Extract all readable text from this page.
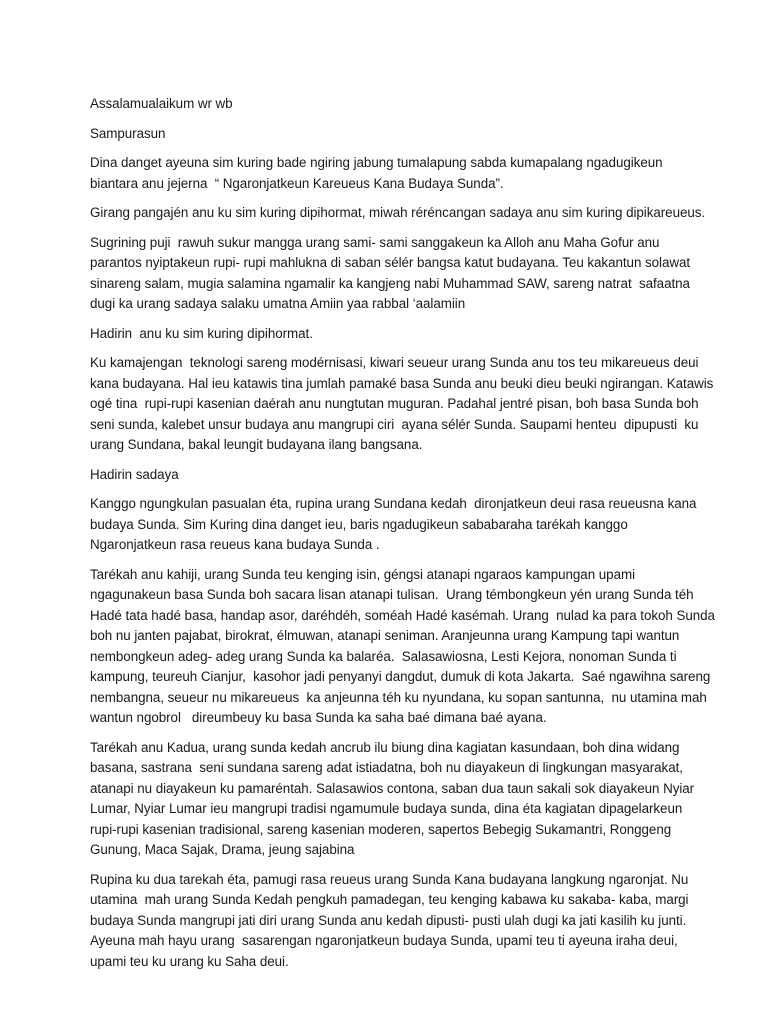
Assalamualaikum wr wb

Sampurasun

Dina danget ayeuna sim kuring bade ngiring jabung tumalapung sabda kumapalang ngadugikeun
biantara anu jejerna  “ Ngaronjatkeun Kareueus Kana Budaya Sunda”.

Girang pangajén anu ku sim kuring dipihormat, miwah réréncangan sadaya anu sim kuring dipikareueus.

Sugrining puji  rawuh sukur mangga urang sami- sami sanggakeun ka Alloh anu Maha Gofur anu
parantos nyiptakeun rupi- rupi mahlukna di saban sélér bangsa katut budayana. Teu kakantun solawat
sinareng salam, mugia salamina ngamalir ka kangjeng nabi Muhammad SAW, sareng natrat  safaatna
dugi ka urang sadaya salaku umatna Amiin yaa rabbal ‘aalamiin

Hadirin  anu ku sim kuring dipihormat.

Ku kamajengan  teknologi sareng modérnisasi, kiwari seueur urang Sunda anu tos teu mikareueus deui
kana budayana. Hal ieu katawis tina jumlah pamaké basa Sunda anu beuki dieu beuki ngirangan. Katawis
ogé tina  rupi-rupi kasenian daérah anu nungtutan muguran. Padahal jentré pisan, boh basa Sunda boh
seni sunda, kalebet unsur budaya anu mangrupi ciri  ayana sélér Sunda. Saupami henteu  dipupusti  ku
urang Sundana, bakal leungit budayana ilang bangsana.

Hadirin sadaya

Kanggo ngungkulan pasualan éta, rupina urang Sundana kedah  dironjatkeun deui rasa reueusna kana
budaya Sunda. Sim Kuring dina danget ieu, baris ngadugikeun sababaraha tarékah kanggo
Ngaronjatkeun rasa reueus kana budaya Sunda .

Tarékah anu kahiji, urang Sunda teu kenging isin, géngsi atanapi ngaraos kampungan upami
ngagunakeun basa Sunda boh sacara lisan atanapi tulisan.  Urang témbongkeun yén urang Sunda téh
Hadé tata hadé basa, handap asor, daréhdéh, soméah Hadé kasémah. Urang  nulad ka para tokoh Sunda
boh nu janten pajabat, birokrat, élmuwan, atanapi seniman. Aranjeunna urang Kampung tapi wantun
nembongkeun adeg- adeg urang Sunda ka balaréa.  Salasawiosna, Lesti Kejora, nonoman Sunda ti
kampung, teureuh Cianjur,  kasohor jadi penyanyi dangdut, dumuk di kota Jakarta.  Saé ngawihna sareng
nembangna, seueur nu mikareueus  ka anjeunna téh ku nyundana, ku sopan santunna,  nu utamina mah
wantun ngobrol   direumbeuy ku basa Sunda ka saha baé dimana baé ayana.

Tarékah anu Kadua, urang sunda kedah ancrub ilu biung dina kagiatan kasundaan, boh dina widang
basana, sastrana  seni sundana sareng adat istiadatna, boh nu diayakeun di lingkungan masyarakat,
atanapi nu diayakeun ku pamaréntah. Salasawios contona, saban dua taun sakali sok diayakeun Nyiar
Lumar, Nyiar Lumar ieu mangrupi tradisi ngamumule budaya sunda, dina éta kagiatan dipagelarkeun
rupi-rupi kasenian tradisional, sareng kasenian moderen, sapertos Bebegig Sukamantri, Ronggeng
Gunung, Maca Sajak, Drama, jeung sajabina

Rupina ku dua tarekah éta, pamugi rasa reueus urang Sunda Kana budayana langkung ngaronjat. Nu
utamina  mah urang Sunda Kedah pengkuh pamadegan, teu kenging kabawa ku sakaba- kaba, margi
budaya Sunda mangrupi jati diri urang Sunda anu kedah dipusti- pusti ulah dugi ka jati kasilih ku junti.
Ayeuna mah hayu urang  sasarengan ngaronjatkeun budaya Sunda, upami teu ti ayeuna iraha deui,
upami teu ku urang ku Saha deui.
